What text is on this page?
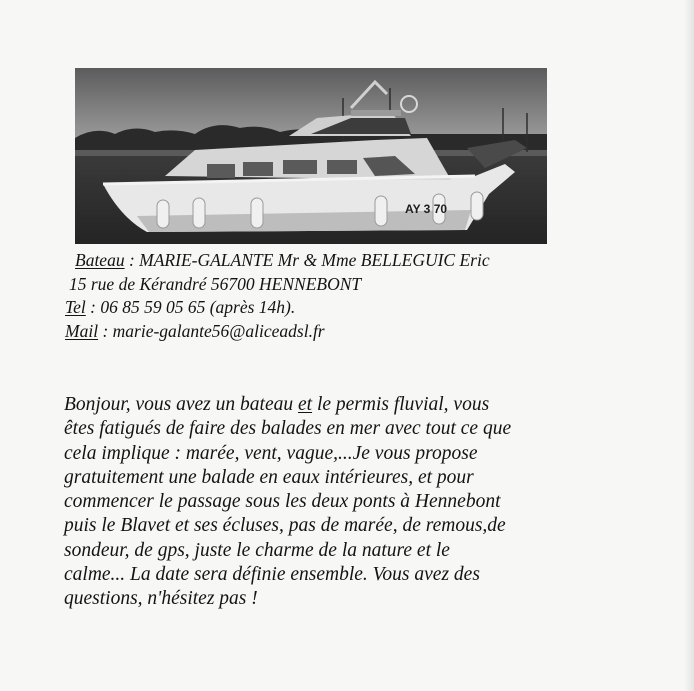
AY 3 70
Bateau : MARIE-GALANTE Mr & Mme BELLEGUIC Eric
15 rue de Kérandré 56700 HENNEBONT
Tel : 06 85 59 05 65 (après 14h).
Mail : marie-galante56@aliceadsl.fr
Bonjour, vous avez un bateau et le permis fluvial, vous
êtes fatigués de faire des balades en mer avec tout ce que
cela implique : marée, vent, vague,...Je vous propose
gratuitement une balade en eaux intérieures, et pour
commencer le passage sous les deux ponts à Hennebont
puis le Blavet et ses écluses, pas de marée, de remous,de
sondeur, de gps, juste le charme de la nature et le
calme... La date sera définie ensemble. Vous avez des
questions, n'hésitez pas !
